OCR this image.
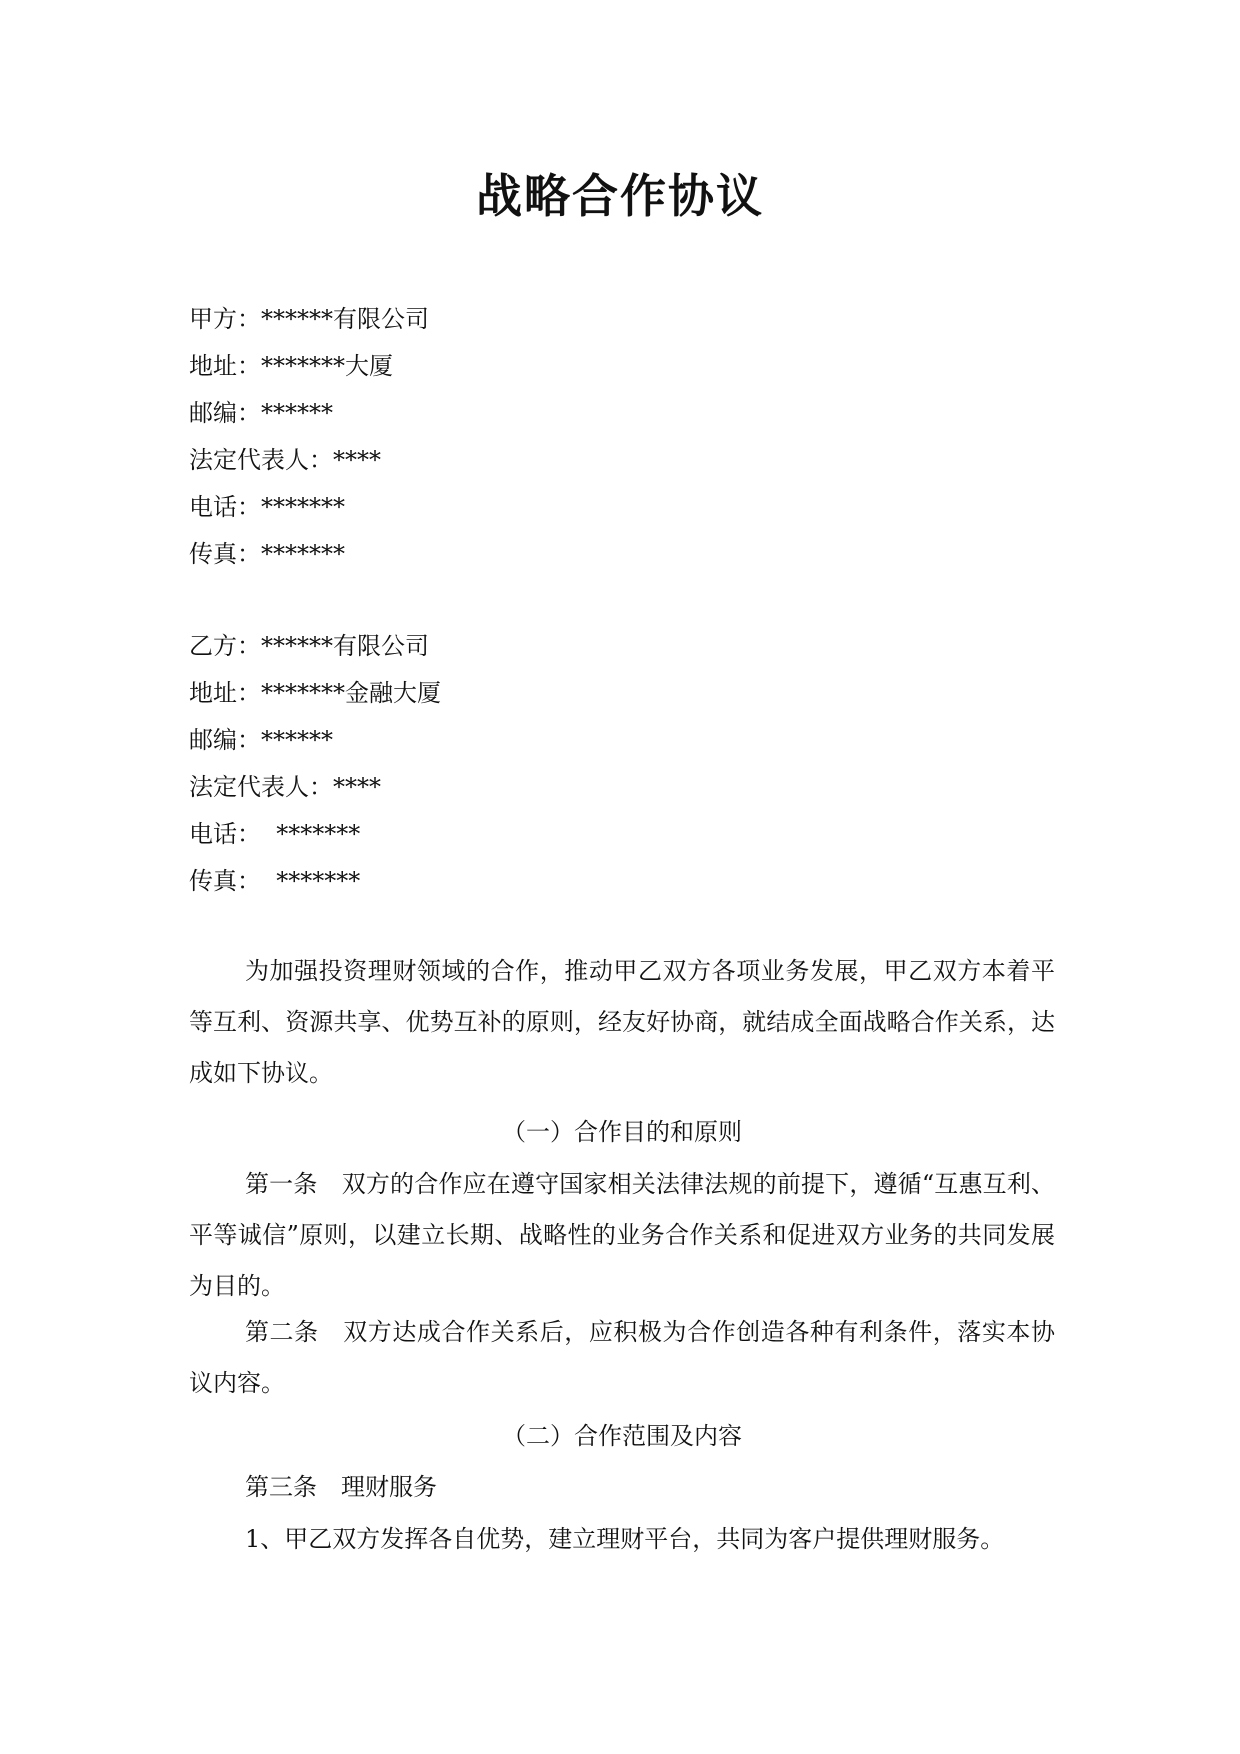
战略合作协议
甲方：******有限公司
地址：*******大厦
邮编：******
法定代表人：****
电话：*******
传真：*******
乙方：******有限公司
地址：*******金融大厦
邮编：******
法定代表人：****
电话：  *******
传真：  *******

为加强投资理财领域的合作，推动甲乙双方各项业务发展，甲乙双方本着平等互利、资源共享、优势互补的原则，经友好协商，就结成全面战略合作关系，达成如下协议。

（一）合作目的和原则

第一条　双方的合作应在遵守国家相关法律法规的前提下，遵循“互惠互利、平等诚信”原则，以建立长期、战略性的业务合作关系和促进双方业务的共同发展为目的。

第二条　双方达成合作关系后，应积极为合作创造各种有利条件，落实本协议内容。

（二）合作范围及内容

第三条　理财服务

1、甲乙双方发挥各自优势，建立理财平台，共同为客户提供理财服务。
